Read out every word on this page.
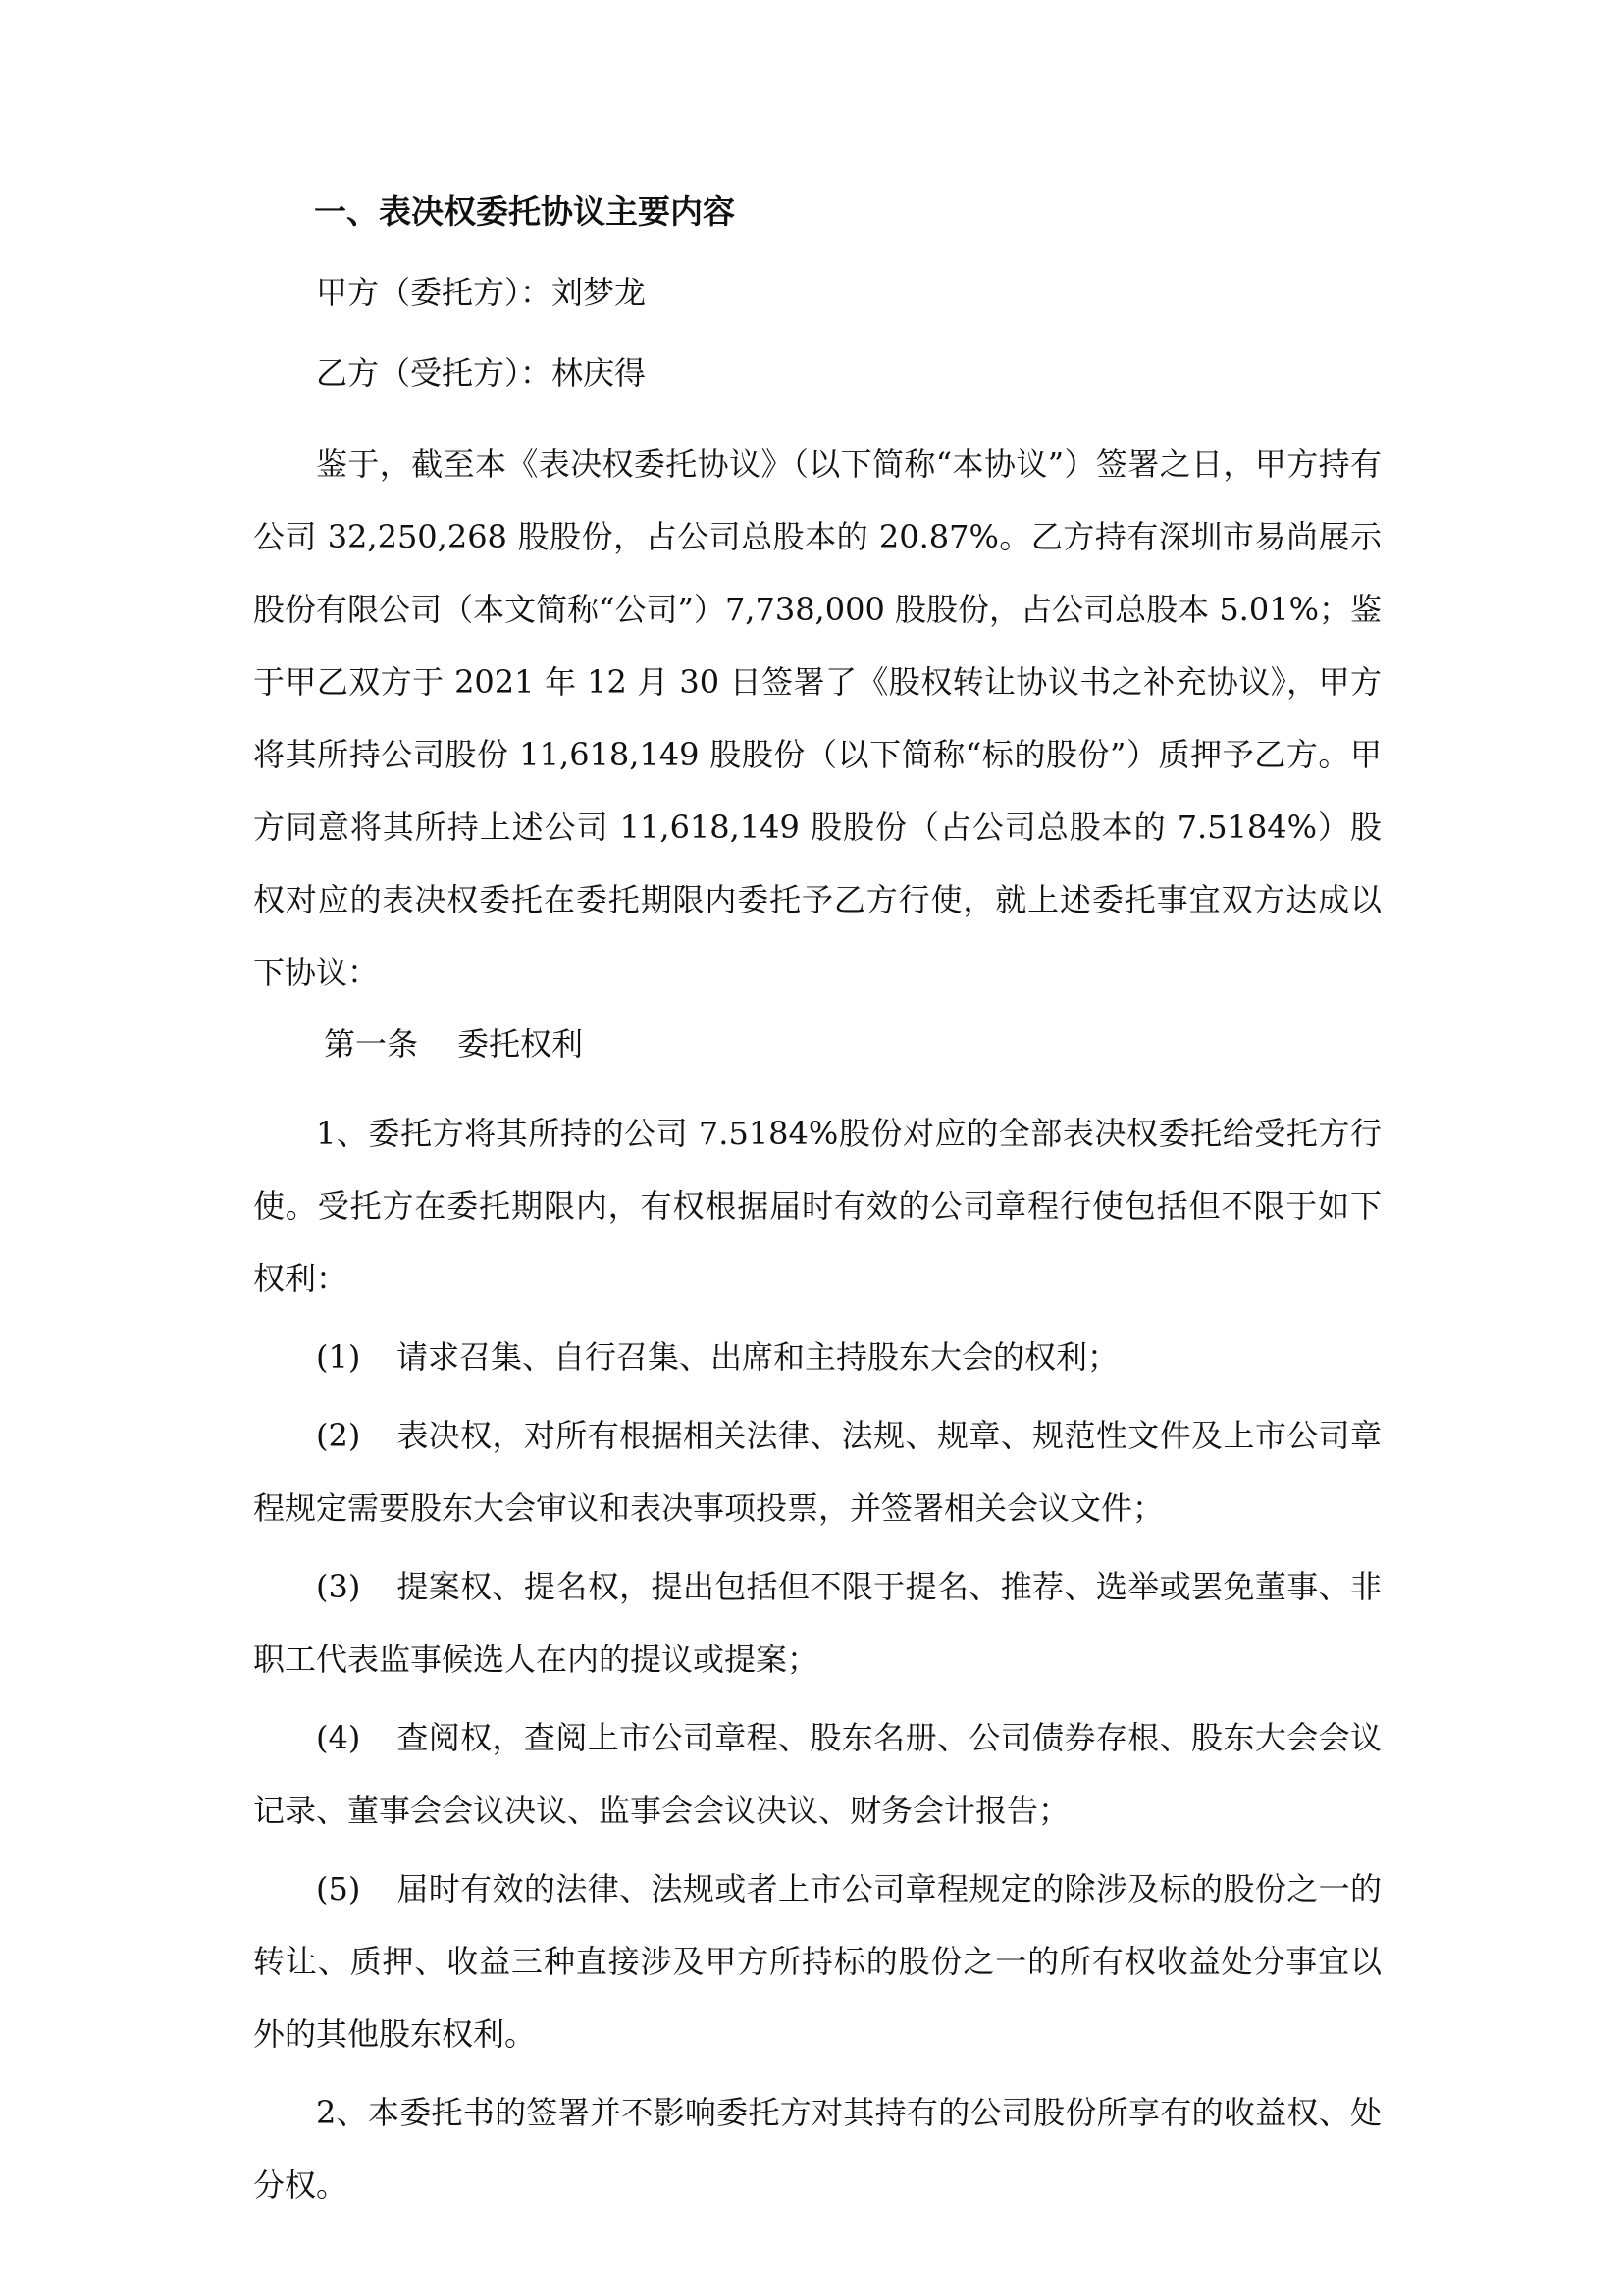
一、表决权委托协议主要内容
甲方（委托方）：刘梦龙
乙方（受托方）：林庆得

鉴于，截至本《表决权委托协议》（以下简称“本协议”）签署之日，甲方持有公司 32,250,268 股股份，占公司总股本的 20.87%。乙方持有深圳市易尚展示股份有限公司（本文简称“公司”）7,738,000 股股份，占公司总股本 5.01%；鉴于甲乙双方于 2021 年 12 月 30 日签署了《股权转让协议书之补充协议》，甲方将其所持公司股份 11,618,149 股股份（以下简称“标的股份”）质押予乙方。甲方同意将其所持上述公司 11,618,149 股股份（占公司总股本的 7.5184%）股权对应的表决权委托在委托期限内委托予乙方行使，就上述委托事宜双方达成以下协议：

第一条 委托权利

1、委托方将其所持的公司 7.5184%股份对应的全部表决权委托给受托方行使。受托方在委托期限内，有权根据届时有效的公司章程行使包括但不限于如下权利：

(1) 请求召集、自行召集、出席和主持股东大会的权利；

(2) 表决权，对所有根据相关法律、法规、规章、规范性文件及上市公司章程规定需要股东大会审议和表决事项投票，并签署相关会议文件；

(3) 提案权、提名权，提出包括但不限于提名、推荐、选举或罢免董事、非职工代表监事候选人在内的提议或提案；

(4) 查阅权，查阅上市公司章程、股东名册、公司债券存根、股东大会会议记录、董事会会议决议、监事会会议决议、财务会计报告；

(5) 届时有效的法律、法规或者上市公司章程规定的除涉及标的股份之一的转让、质押、收益三种直接涉及甲方所持标的股份之一的所有权收益处分事宜以外的其他股东权利。

2、本委托书的签署并不影响委托方对其持有的公司股份所享有的收益权、处分权。
